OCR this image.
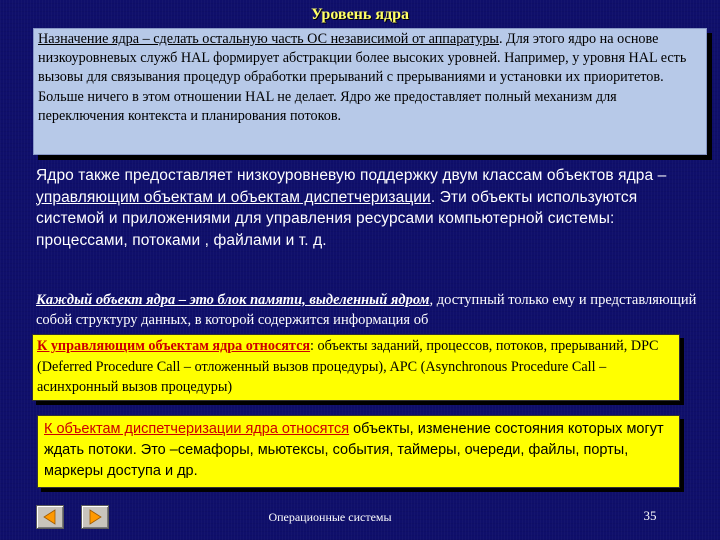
Уровень ядра
Назначение ядра – сделать остальную часть ОС независимой от аппаратуры. Для этого ядро на основе низкоуровневых служб HAL формирует абстракции более высоких уровней. Например, у уровня HAL есть вызовы для связывания процедур обработки прерываний с прерываниями и установки их приоритетов. Больше ничего в этом отношении HAL не делает. Ядро же предоставляет полный механизм для переключения контекста и планирования потоков.

Ядро также предоставляет низкоуровневую поддержку двум классам объектов ядра – управляющим объектам и объектам диспетчеризации. Эти объекты используются системой и приложениями для управления ресурсами компьютерной системы: процессами, потоками , файлами и т. д.

Каждый объект ядра – это блок памяти, выделенный ядром, доступный только ему и представляющий собой структуру данных, в которой содержится информация об

К управляющим объектам ядра относятся: объекты заданий, процессов, потоков, прерываний, DPC (Deferred Procedure Call – отложенный вызов процедуры), APC (Asynchronous Procedure Call – асинхронный вызов процедуры)
К объектам диспетчеризации ядра относятся объекты, изменение состояния которых могут ждать потоки. Это –семафоры, мьютексы, события, таймеры, очереди, файлы, порты, маркеры доступа и др.
Операционные системы	35
